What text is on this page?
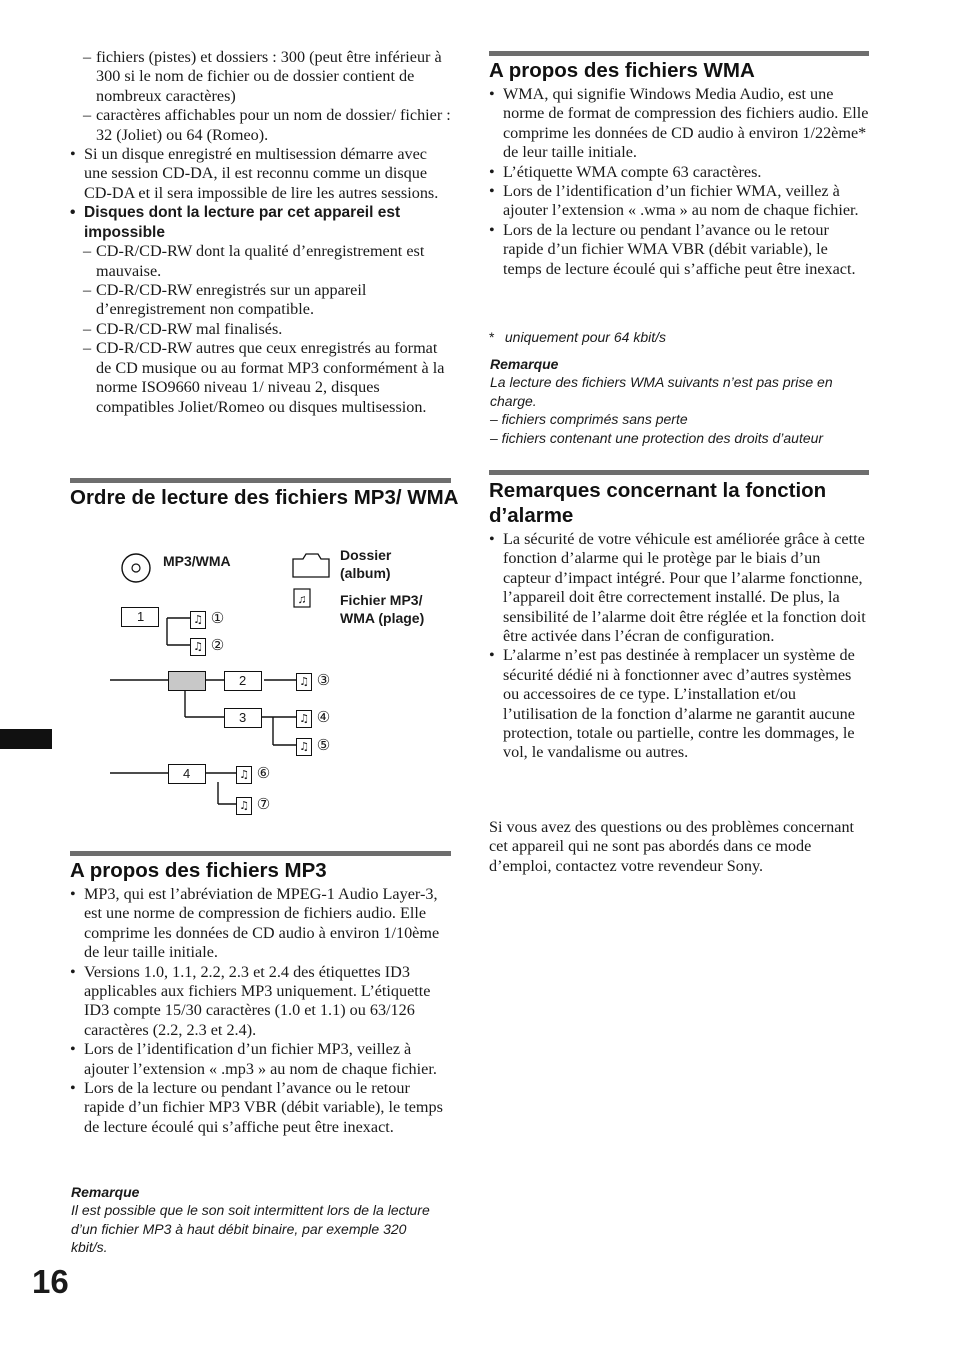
– fichiers (pistes) et dossiers : 300 (peut être inférieur à 300 si le nom de fichier ou de dossier contient de nombreux caractères)
– caractères affichables pour un nom de dossier/ fichier : 32 (Joliet) ou 64 (Romeo).
• Si un disque enregistré en multisession démarre avec une session CD-DA, il est reconnu comme un disque CD-DA et il sera impossible de lire les autres sessions.
• Disques dont la lecture par cet appareil est impossible
– CD-R/CD-RW dont la qualité d’enregistrement est mauvaise.
– CD-R/CD-RW enregistrés sur un appareil d’enregistrement non compatible.
– CD-R/CD-RW mal finalisés.
– CD-R/CD-RW autres que ceux enregistrés au format de CD musique ou au format MP3 conformément à la norme ISO9660 niveau 1/ niveau 2, disques compatibles Joliet/Romeo ou disques multisession.
Ordre de lecture des fichiers MP3/ WMA
♫
1
2
3
4
♫ ①
♫ ②
♫ ③
♫ ④
♫ ⑤
♫ ⑥
♫ ⑦
MP3/WMA	Dossier (album)
Fichier MP3/ WMA (plage)
A propos des fichiers MP3
• MP3, qui est l’abréviation de MPEG-1 Audio Layer-3, est une norme de compression de fichiers audio. Elle comprime les données de CD audio à environ 1/10ème de leur taille initiale.
• Versions 1.0, 1.1, 2.2, 2.3 et 2.4 des étiquettes ID3 applicables aux fichiers MP3 uniquement. L’étiquette ID3 compte 15/30 caractères (1.0 et 1.1) ou 63/126 caractères (2.2, 2.3 et 2.4).
• Lors de l’identification d’un fichier MP3, veillez à ajouter l’extension « .mp3 » au nom de chaque fichier.
• Lors de la lecture ou pendant l’avance ou le retour rapide d’un fichier MP3 VBR (débit variable), le temps de lecture écoulé qui s’affiche peut être inexact.
Remarque
Il est possible que le son soit intermittent lors de la lecture d’un fichier MP3 à haut débit binaire, par exemple 320 kbit/s.
16
A propos des fichiers WMA
• WMA, qui signifie Windows Media Audio, est une norme de format de compression des fichiers audio. Elle comprime les données de CD audio à environ 1/22ème* de leur taille initiale.
• L’étiquette WMA compte 63 caractères.
• Lors de l’identification d’un fichier WMA, veillez à ajouter l’extension « .wma » au nom de chaque fichier.
• Lors de la lecture ou pendant l’avance ou le retour rapide d’un fichier WMA VBR (débit variable), le temps de lecture écoulé qui s’affiche peut être inexact.
* uniquement pour 64 kbit/s
Remarque
La lecture des fichiers WMA suivants n’est pas prise en charge.
– fichiers comprimés sans perte
– fichiers contenant une protection des droits d’auteur
Remarques concernant la fonction d’alarme
• La sécurité de votre véhicule est améliorée grâce à cette fonction d’alarme qui le protège par le biais d’un capteur d’impact intégré. Pour que l’alarme fonctionne, l’appareil doit être correctement installé. De plus, la sensibilité de l’alarme doit être réglée et la fonction doit être activée dans l’écran de configuration.
• L’alarme n’est pas destinée à remplacer un système de sécurité dédié ni à fonctionner avec d’autres systèmes ou accessoires de ce type. L’installation et/ou l’utilisation de la fonction d’alarme ne garantit aucune protection, totale ou partielle, contre les dommages, le vol, le vandalisme ou autres.
Si vous avez des questions ou des problèmes concernant cet appareil qui ne sont pas abordés dans ce mode d’emploi, contactez votre revendeur Sony.
